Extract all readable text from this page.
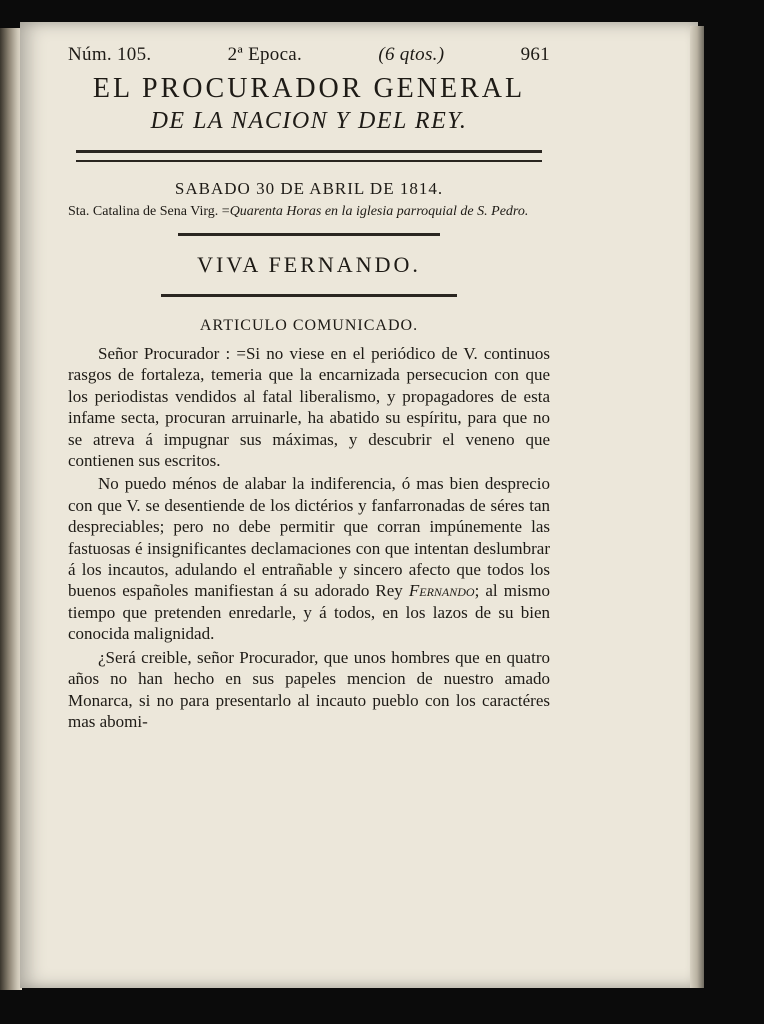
Núm. 105.	2ª Epoca.	(6 qtos.)	961
EL PROCURADOR GENERAL
DE LA NACION Y DEL REY.
SABADO 30 DE ABRIL DE 1814.
Sta. Catalina de Sena Virg. =Quarenta Horas en la iglesia parroquial de S. Pedro.
VIVA FERNANDO.
ARTICULO COMUNICADO.

Señor Procurador : =Si no viese en el periódico de V. continuos rasgos de fortaleza, temeria que la encarnizada persecucion con que los periodistas vendidos al fatal liberalismo, y propagadores de esta infame secta, procuran arruinarle, ha abatido su espíritu, para que no se atreva á impugnar sus máximas, y descubrir el veneno que contienen sus escritos.

No puedo ménos de alabar la indiferencia, ó mas bien desprecio con que V. se desentiende de los dictérios y fanfarronadas de séres tan despreciables; pero no debe permitir que corran impúnemente las fastuosas é insignificantes declamaciones con que intentan deslumbrar á los incautos, adulando el entrañable y sincero afecto que todos los buenos españoles manifiestan á su adorado Rey Fernando; al mismo tiempo que pretenden enredarle, y á todos, en los lazos de su bien conocida malignidad.

¿Será creible, señor Procurador, que unos hombres que en quatro años no han hecho en sus papeles mencion de nuestro amado Monarca, si no para presentarlo al incauto pueblo con los caractéres mas abomi-
